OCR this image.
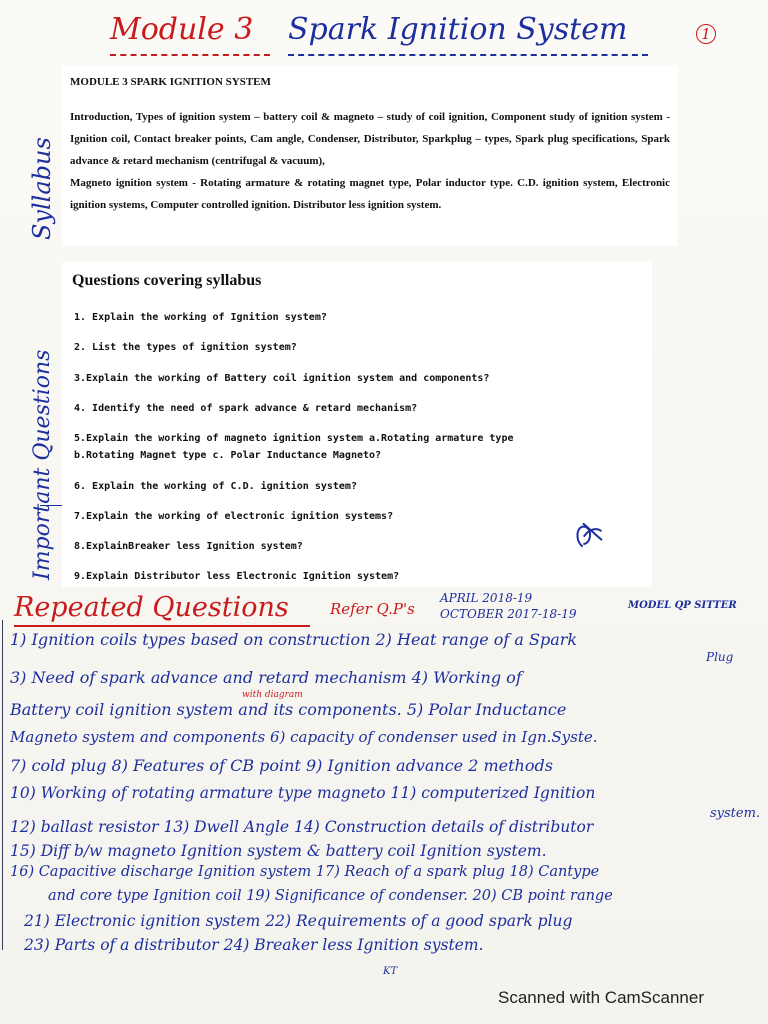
Module 3 Spark Ignition System	1
Syllabus
MODULE 3 SPARK IGNITION SYSTEM

Introduction, Types of ignition system – battery coil & magneto – study of coil ignition, Component study of ignition system - Ignition coil, Contact breaker points, Cam angle, Condenser, Distributor, Sparkplug – types, Spark plug specifications, Spark advance & retard mechanism (centrifugal & vacuum),

Magneto ignition system - Rotating armature & rotating magnet type, Polar inductor type. C.D. ignition system, Electronic ignition systems, Computer controlled ignition. Distributor less ignition system.

Important Questions
Questions covering syllabus
1. Explain the working of Ignition system?
2. List the types of ignition system?
3.Explain the working of Battery coil ignition system and components?
4. Identify the need of spark advance & retard mechanism?
5.Explain the working of magneto ignition system a.Rotating armature type
b.Rotating Magnet type c. Polar Inductance Magneto?
6. Explain the working of C.D. ignition system?
7.Explain the working of electronic ignition systems?
8.ExplainBreaker less Ignition system?
9.Explain Distributor less Electronic Ignition system?
Repeated Questions	Refer Q.P's
APRIL 2018-19
OCTOBER 2017-18-19
MODEL QP SITTER
1) Ignition coils types based on construction 2) Heat range of a Spark
Plug
3) Need of spark advance and retard mechanism 4) Working of
with diagram
Battery coil ignition system and its components. 5) Polar Inductance
Magneto system and components 6) capacity of condenser used in Ign.Syste.
7) cold plug 8) Features of CB point 9) Ignition advance 2 methods
10) Working of rotating armature type magneto 11) computerized Ignition
system.
12) ballast resistor 13) Dwell Angle 14) Construction details of distributor
15) Diff b/w magneto Ignition system & battery coil Ignition system.
16) Capacitive discharge Ignition system 17) Reach of a spark plug 18) Cantype
and core type Ignition coil 19) Significance of condenser. 20) CB point range
21) Electronic ignition system 22) Requirements of a good spark plug
23) Parts of a distributor 24) Breaker less Ignition system.
KT
Scanned with CamScanner
